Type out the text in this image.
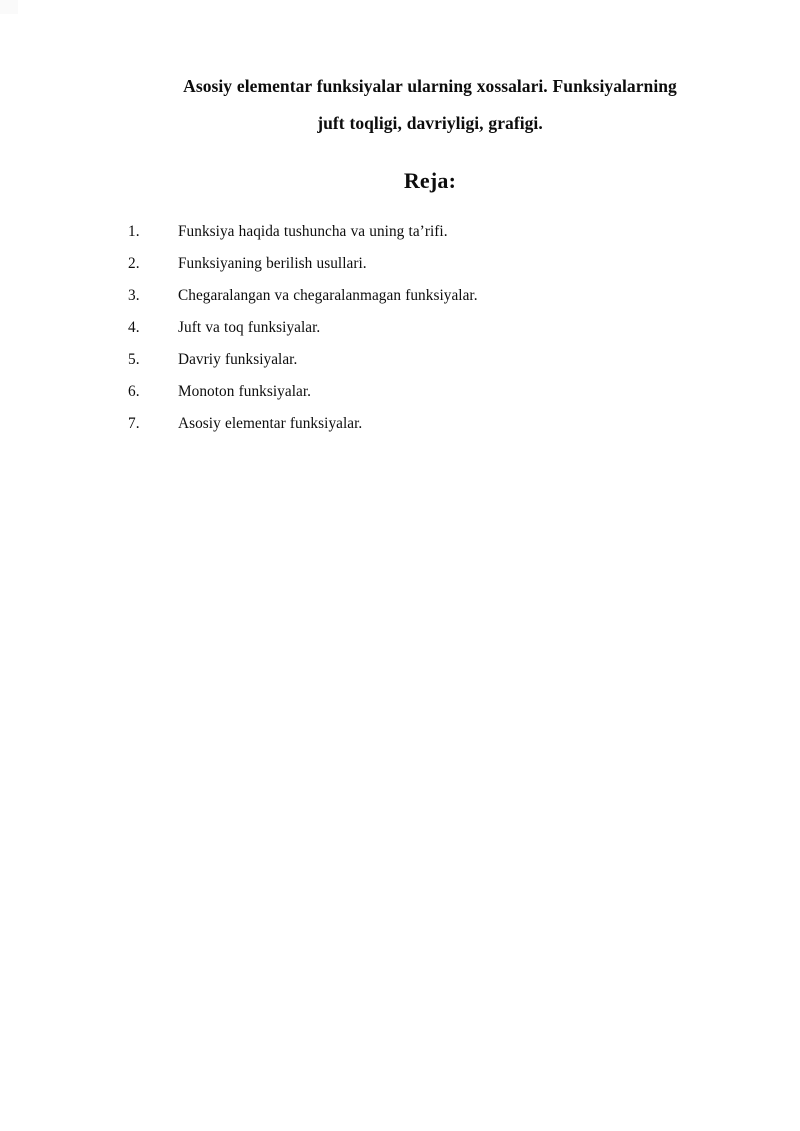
Asosiy elementar funksiyalar ularning xossalari. Funksiyalarning
juft toqligi, davriyligi, grafigi.
Reja:
1.	Funksiya haqida tushuncha va uning ta’rifi.
2.	Funksiyaning berilish usullari.
3.	Chegaralangan va chegaralanmagan funksiyalar.
4.	Juft va toq funksiyalar.
5.	Davriy funksiyalar.
6.	Monoton funksiyalar.
7.	Asosiy elementar funksiyalar.
